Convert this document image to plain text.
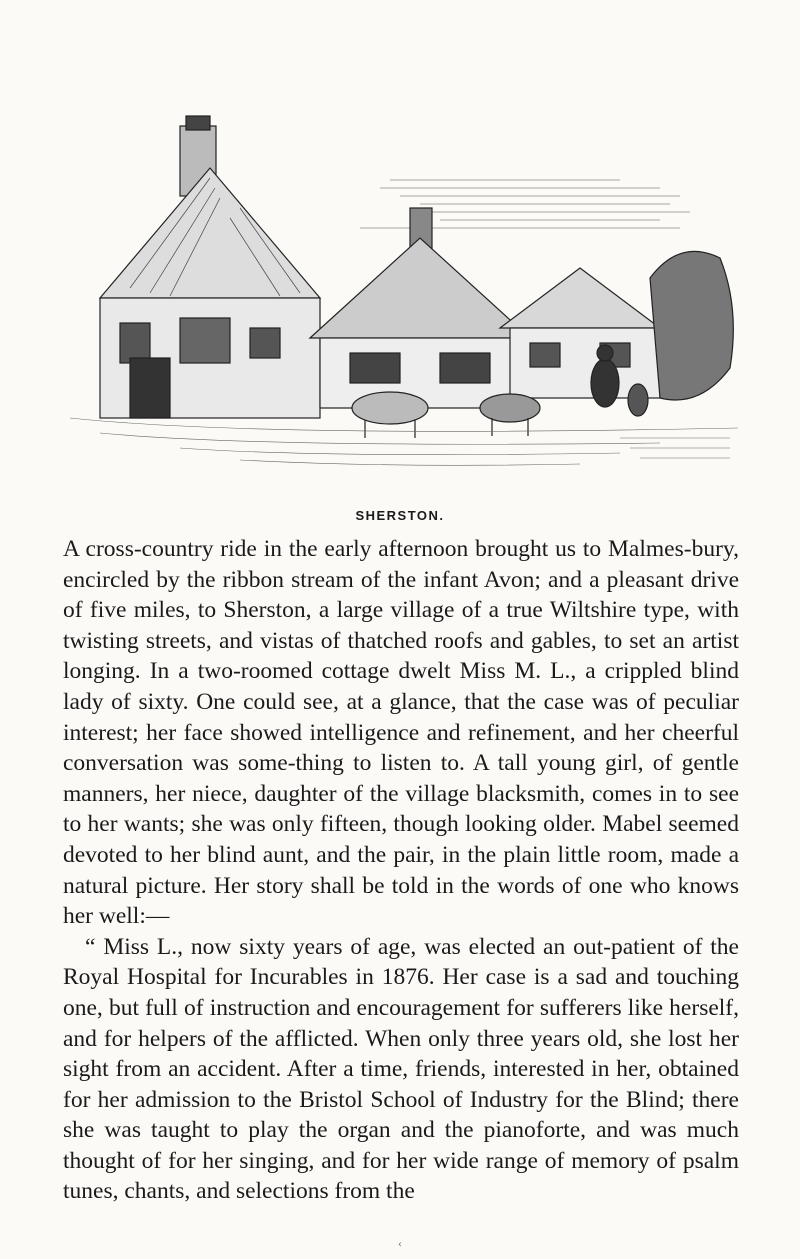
SHERSTON.

A cross-country ride in the early afternoon brought us to Malmes-bury, encircled by the ribbon stream of the infant Avon; and a pleasant drive of five miles, to Sherston, a large village of a true Wiltshire type, with twisting streets, and vistas of thatched roofs and gables, to set an artist longing. In a two-roomed cottage dwelt Miss M. L., a crippled blind lady of sixty. One could see, at a glance, that the case was of peculiar interest; her face showed intelligence and refinement, and her cheerful conversation was some-thing to listen to. A tall young girl, of gentle manners, her niece, daughter of the village blacksmith, comes in to see to her wants; she was only fifteen, though looking older. Mabel seemed devoted to her blind aunt, and the pair, in the plain little room, made a natural picture. Her story shall be told in the words of one who knows her well:—

“ Miss L., now sixty years of age, was elected an out-patient of the Royal Hospital for Incurables in 1876. Her case is a sad and touching one, but full of instruction and encouragement for sufferers like herself, and for helpers of the afflicted. When only three years old, she lost her sight from an accident. After a time, friends, interested in her, obtained for her admission to the Bristol School of Industry for the Blind; there she was taught to play the organ and the pianoforte, and was much thought of for her singing, and for her wide range of memory of psalm tunes, chants, and selections from the

‹
